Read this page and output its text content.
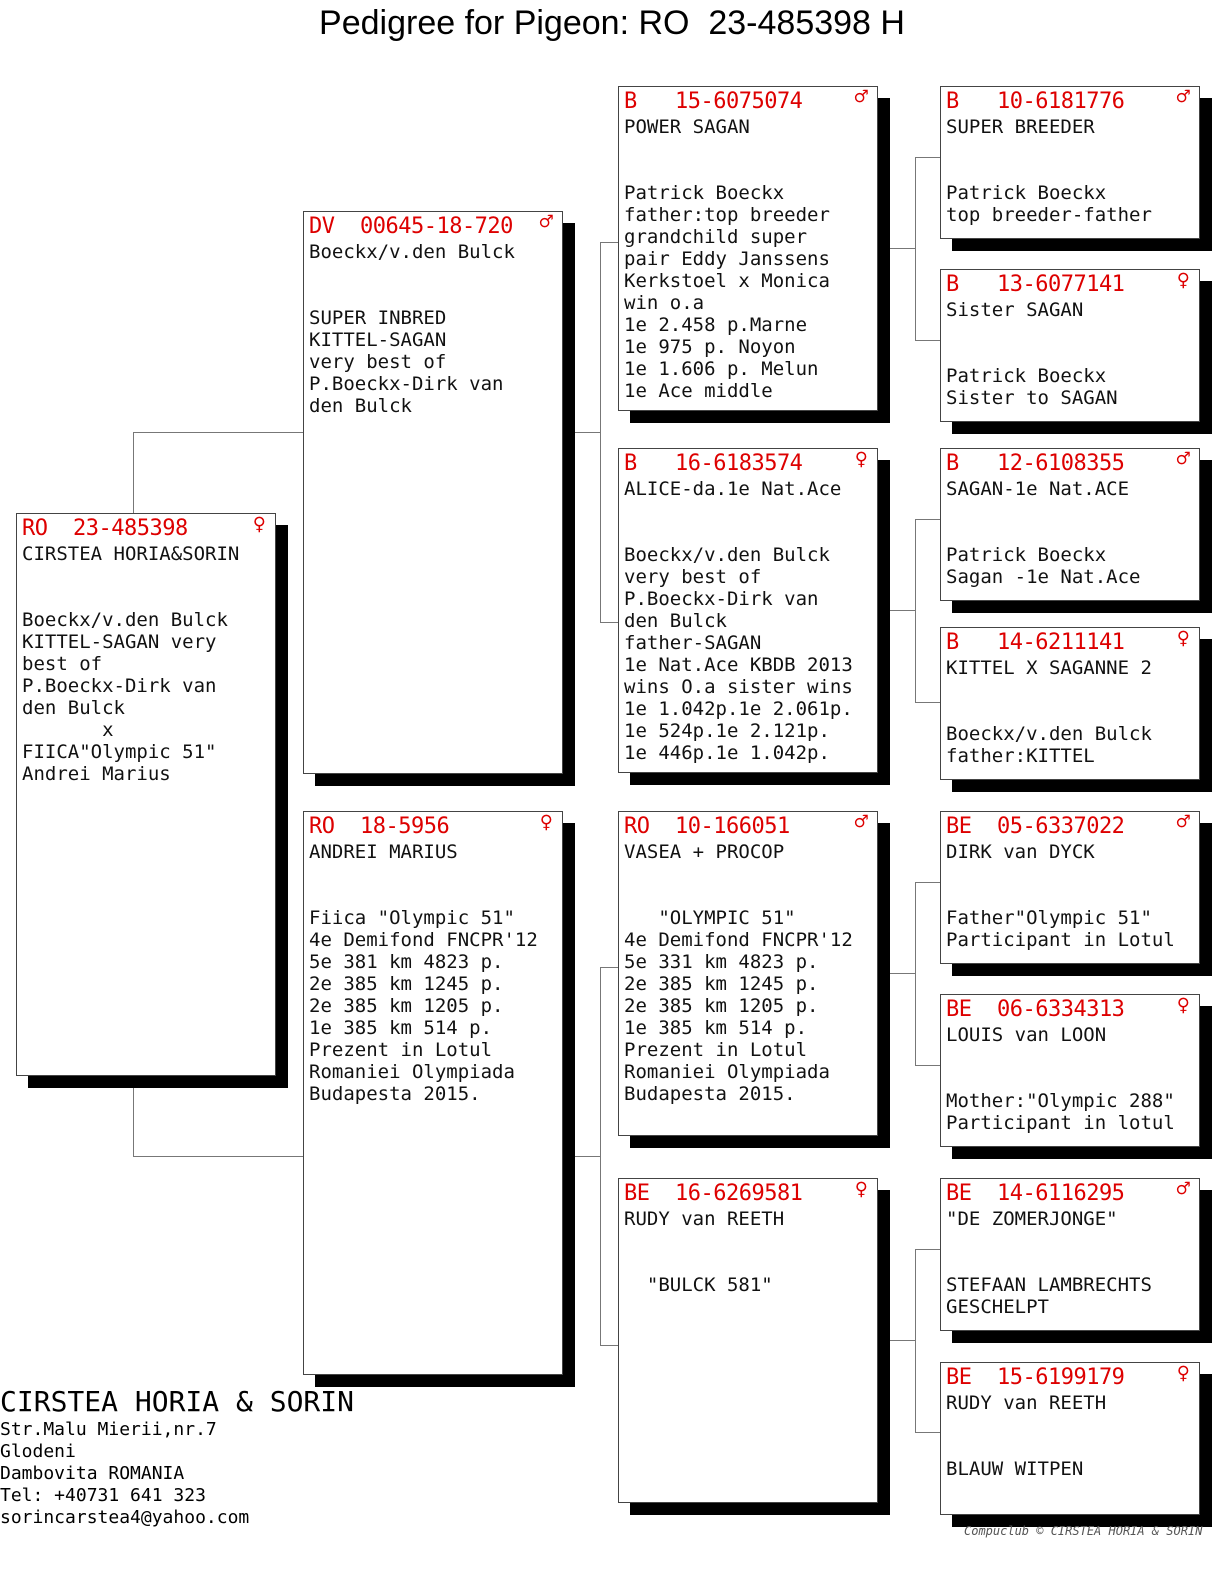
Pedigree for Pigeon: RO  23-485398 H
RO  23-485398	♀
CIRSTEA HORIA&SORIN
Boeckx/v.den Bulck
KITTEL-SAGAN very
best of
P.Boeckx-Dirk van
den Bulck
x
FIICA"Olympic 51"
Andrei Marius
DV  00645-18-720 ♂
Boeckx/v.den Bulck
SUPER INBRED
KITTEL-SAGAN
very best of
P.Boeckx-Dirk van
den Bulck
RO  18-5956	♀
ANDREI MARIUS
Fiica "Olympic 51"
4e Demifond FNCPR'12
5e 381 km 4823 p.
2e 385 km 1245 p.
2e 385 km 1205 p.
1e 385 km 514 p.
Prezent in Lotul
Romaniei Olympiada
Budapesta 2015.
B   15-6075074 ♂
POWER SAGAN
Patrick Boeckx
father:top breeder
grandchild super
pair Eddy Janssens
Kerkstoel x Monica
win o.a
1e 2.458 p.Marne
1e 975 p. Noyon
1e 1.606 p. Melun
1e Ace middle
B   16-6183574 ♀
ALICE-da.1e Nat.Ace
Boeckx/v.den Bulck
very best of
P.Boeckx-Dirk van
den Bulck
father-SAGAN
1e Nat.Ace KBDB 2013
wins O.a sister wins
1e 1.042p.1e 2.061p.
1e 524p.1e 2.121p.
1e 446p.1e 1.042p.
RO  10-166051	♂
VASEA + PROCOP
"OLYMPIC 51"
4e Demifond FNCPR'12
5e 331 km 4823 p.
2e 385 km 1245 p.
2e 385 km 1205 p.
1e 385 km 514 p.
Prezent in Lotul
Romaniei Olympiada
Budapesta 2015.
BE  16-6269581 ♀
RUDY van REETH
"BULCK 581"
B   10-6181776 ♂
SUPER BREEDER
Patrick Boeckx
top breeder-father
B   13-6077141 ♀
Sister SAGAN
Patrick Boeckx
Sister to SAGAN
B   12-6108355 ♂
SAGAN-1e Nat.ACE
Patrick Boeckx
Sagan -1e Nat.Ace
B   14-6211141 ♀
KITTEL X SAGANNE 2
Boeckx/v.den Bulck
father:KITTEL
BE  05-6337022 ♂
DIRK van DYCK
Father"Olympic 51"
Participant in Lotul
BE  06-6334313 ♀
LOUIS van LOON
Mother:"Olympic 288"
Participant in lotul
BE  14-6116295 ♂
"DE ZOMERJONGE"
STEFAAN LAMBRECHTS
GESCHELPT
BE  15-6199179 ♀
RUDY van REETH
BLAUW WITPEN
CIRSTEA HORIA & SORIN
Str.Malu Mierii,nr.7
Glodeni
Dambovita ROMANIA
Tel: +40731 641 323
sorincarstea4@yahoo.com
Compuclub © CIRSTEA HORIA & SORIN
